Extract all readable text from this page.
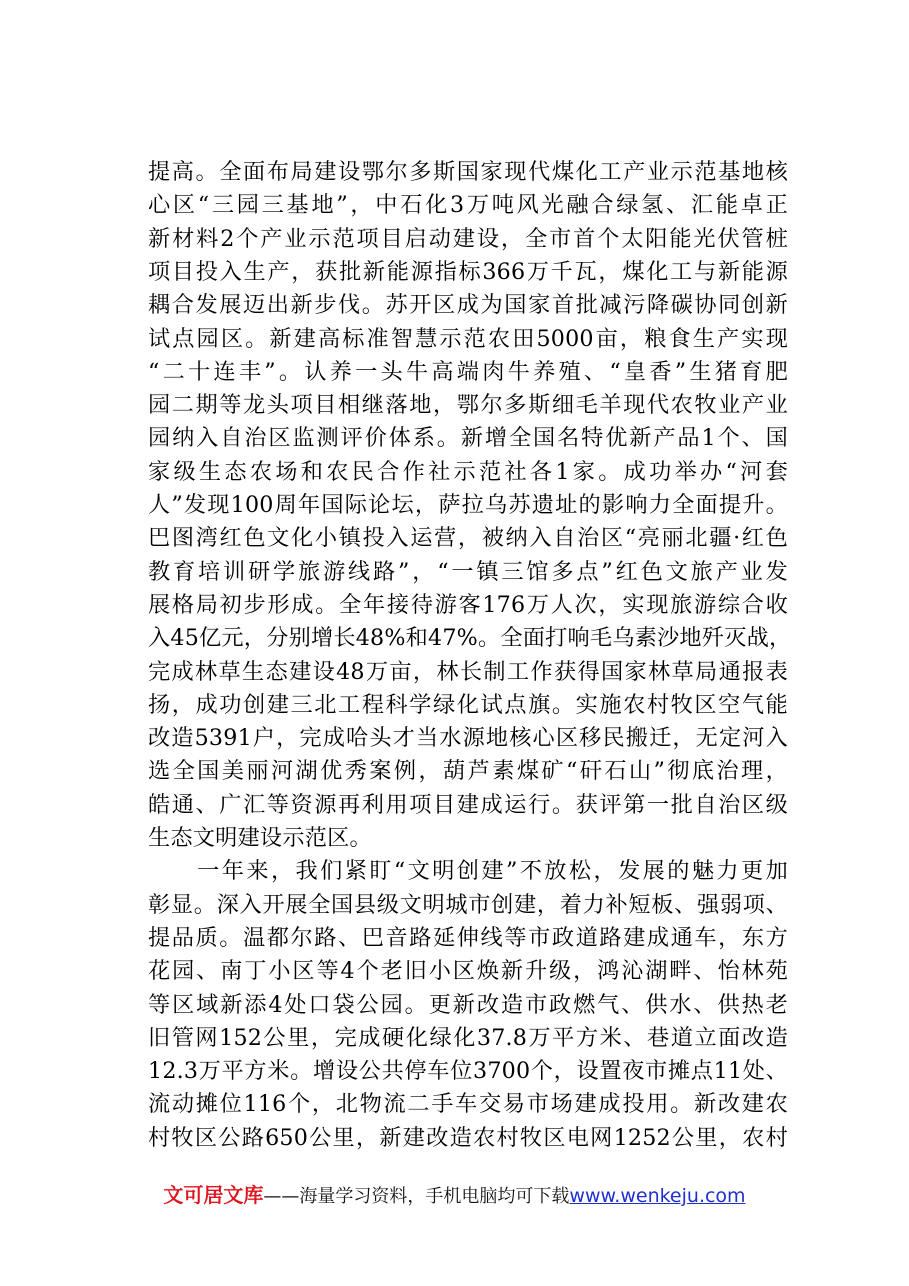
提高。全面布局建设鄂尔多斯国家现代煤化工产业示范基地核
心区“三园三基地”，中石化3万吨风光融合绿氢、汇能卓正
新材料2个产业示范项目启动建设，全市首个太阳能光伏管桩
项目投入生产，获批新能源指标366万千瓦，煤化工与新能源
耦合发展迈出新步伐。苏开区成为国家首批减污降碳协同创新
试点园区。新建高标准智慧示范农田5000亩，粮食生产实现
“二十连丰”。认养一头牛高端肉牛养殖、“皇香”生猪育肥
园二期等龙头项目相继落地，鄂尔多斯细毛羊现代农牧业产业
园纳入自治区监测评价体系。新增全国名特优新产品1个、国
家级生态农场和农民合作社示范社各1家。成功举办“河套
人”发现100周年国际论坛，萨拉乌苏遗址的影响力全面提升。
巴图湾红色文化小镇投入运营，被纳入自治区“亮丽北疆·红色
教育培训研学旅游线路”，“一镇三馆多点”红色文旅产业发
展格局初步形成。全年接待游客176万人次，实现旅游综合收
入45亿元，分别增长48%和47%。全面打响毛乌素沙地歼灭战，
完成林草生态建设48万亩，林长制工作获得国家林草局通报表
扬，成功创建三北工程科学绿化试点旗。实施农村牧区空气能
改造5391户，完成哈头才当水源地核心区移民搬迁，无定河入
选全国美丽河湖优秀案例，葫芦素煤矿“矸石山”彻底治理，
皓通、广汇等资源再利用项目建成运行。获评第一批自治区级
生态文明建设示范区。
　　一年来，我们紧盯“文明创建”不放松，发展的魅力更加
彰显。深入开展全国县级文明城市创建，着力补短板、强弱项、
提品质。温都尔路、巴音路延伸线等市政道路建成通车，东方
花园、南丁小区等4个老旧小区焕新升级，鸿沁湖畔、怡林苑
等区域新添4处口袋公园。更新改造市政燃气、供水、供热老
旧管网152公里，完成硬化绿化37.8万平方米、巷道立面改造
12.3万平方米。增设公共停车位3700个，设置夜市摊点11处、
流动摊位116个，北物流二手车交易市场建成投用。新改建农
村牧区公路650公里，新建改造农村牧区电网1252公里，农村
文可居文库——海量学习资料，手机电脑均可下载www.wenkeju.com
